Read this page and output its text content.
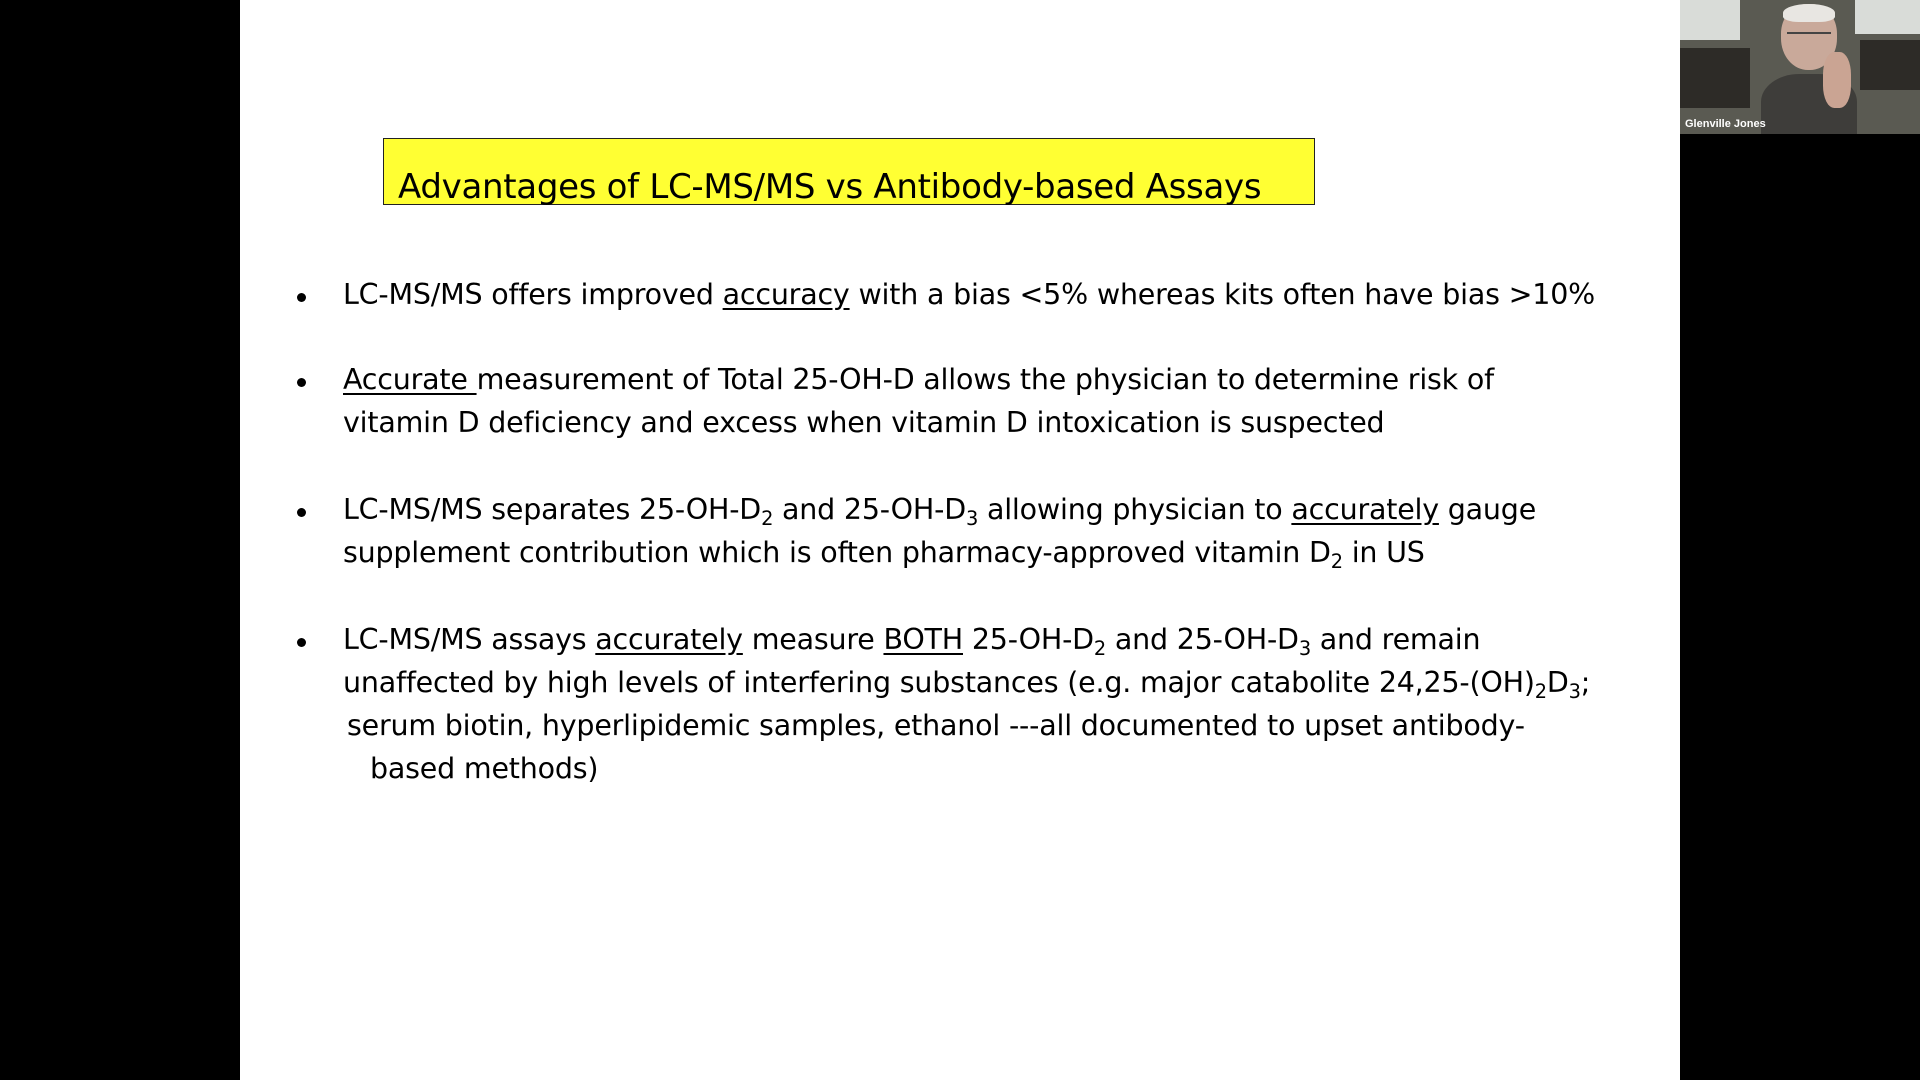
Advantages of LC-MS/MS vs Antibody-based Assays
LC-MS/MS offers improved accuracy with a bias <5% whereas kits often have bias >10%
Accurate measurement of Total 25-OH-D allows the physician to determine risk of
vitamin D deficiency and excess when vitamin D intoxication is suspected
LC-MS/MS separates $25-OH-D_2$ and $25-OH-D_3$ allowing physician to accurately gauge
supplement contribution which is often pharmacy-approved vitamin $D_2$ in US
LC-MS/MS assays accurately measure BOTH $25-OH-D_2$ and $25-OH-D_3$ and remain
unaffected by high levels of interfering substances (e.g. major catabolite $24,25-(OH)_2D_3$;
serum biotin, hyperlipidemic samples, ethanol ---all documented to upset antibody-
based methods)
Glenville Jones
